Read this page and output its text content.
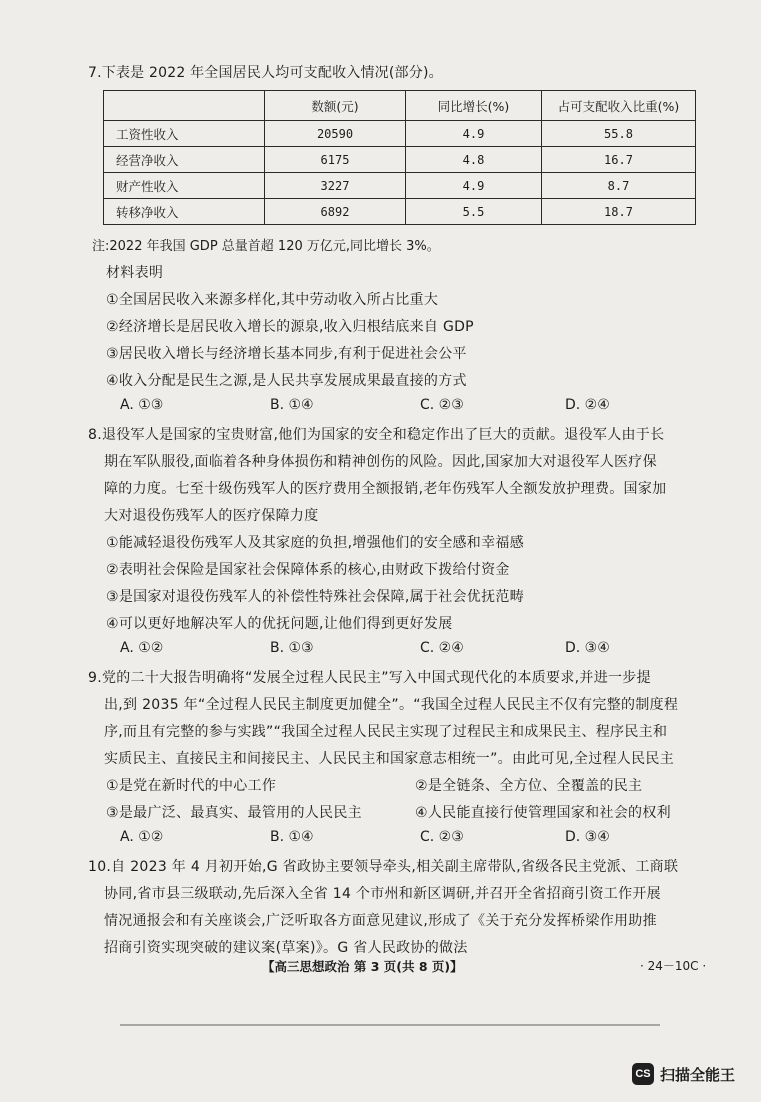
7.下表是 2022 年全国居民人均可支配收入情况(部分)。
	数额(元)	同比增长(%)	占可支配收入比重(%)
工资性收入	20590	4.9	55.8
经营净收入	6175	4.8	16.7
财产性收入	3227	4.9	8.7
转移净收入	6892	5.5	18.7
注:2022 年我国 GDP 总量首超 120 万亿元,同比增长 3%。
材料表明
①全国居民收入来源多样化,其中劳动收入所占比重大
②经济增长是居民收入增长的源泉,收入归根结底来自 GDP
③居民收入增长与经济增长基本同步,有利于促进社会公平
④收入分配是民生之源,是人民共享发展成果最直接的方式
A. ①③	B. ①④	C. ②③	D. ②④
8.退役军人是国家的宝贵财富,他们为国家的安全和稳定作出了巨大的贡献。退役军人由于长
期在军队服役,面临着各种身体损伤和精神创伤的风险。因此,国家加大对退役军人医疗保
障的力度。七至十级伤残军人的医疗费用全额报销,老年伤残军人全额发放护理费。国家加
大对退役伤残军人的医疗保障力度
①能减轻退役伤残军人及其家庭的负担,增强他们的安全感和幸福感
②表明社会保险是国家社会保障体系的核心,由财政下拨给付资金
③是国家对退役伤残军人的补偿性特殊社会保障,属于社会优抚范畴
④可以更好地解决军人的优抚问题,让他们得到更好发展
A. ①②	B. ①③	C. ②④	D. ③④
9.党的二十大报告明确将“发展全过程人民民主”写入中国式现代化的本质要求,并进一步提
出,到 2035 年“全过程人民民主制度更加健全”。“我国全过程人民民主不仅有完整的制度程
序,而且有完整的参与实践”“我国全过程人民民主实现了过程民主和成果民主、程序民主和
实质民主、直接民主和间接民主、人民民主和国家意志相统一”。由此可见,全过程人民民主
①是党在新时代的中心工作	②是全链条、全方位、全覆盖的民主
③是最广泛、最真实、最管用的人民民主	④人民能直接行使管理国家和社会的权利
A. ①②	B. ①④	C. ②③	D. ③④
10.自 2023 年 4 月初开始,G 省政协主要领导牵头,相关副主席带队,省级各民主党派、工商联
协同,省市县三级联动,先后深入全省 14 个市州和新区调研,并召开全省招商引资工作开展
情况通报会和有关座谈会,广泛听取各方面意见建议,形成了《关于充分发挥桥梁作用助推
招商引资实现突破的建议案(草案)》。G 省人民政协的做法
【高三思想政治 第 3 页(共 8 页)】	· 24－10C ·
CS 扫描全能王
